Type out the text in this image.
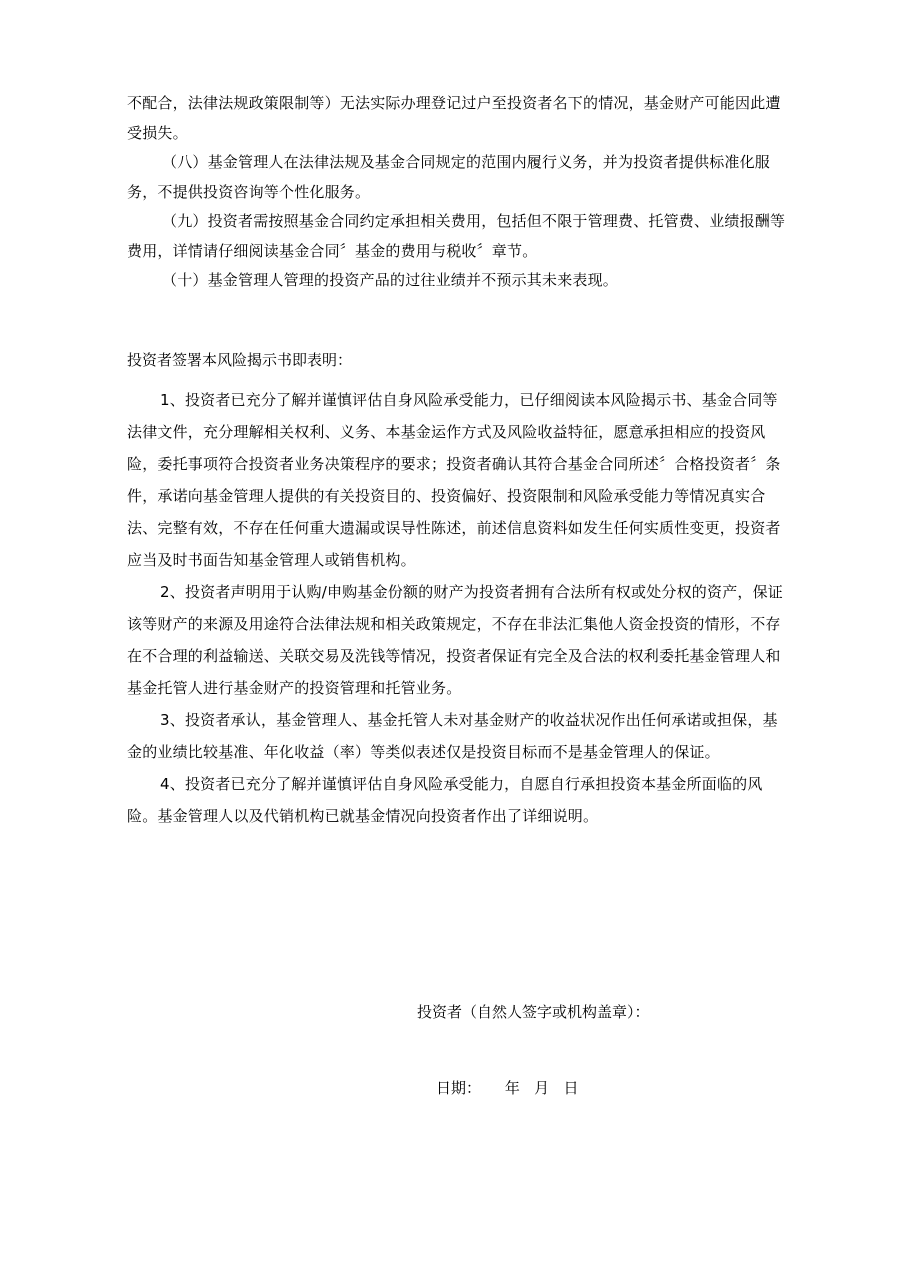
不配合，法律法规政策限制等）无法实际办理登记过户至投资者名下的情况，基金财产可能因此遭受损失。

（八）基金管理人在法律法规及基金合同规定的范围内履行义务，并为投资者提供标准化服务，不提供投资咨询等个性化服务。

（九）投资者需按照基金合同约定承担相关费用，包括但不限于管理费、托管费、业绩报酬等费用，详情请仔细阅读基金合同〞基金的费用与税收〞章节。

（十）基金管理人管理的投资产品的过往业绩并不预示其未来表现。

投资者签署本风险揭示书即表明：

1、投资者已充分了解并谨慎评估自身风险承受能力，已仔细阅读本风险揭示书、基金合同等法律文件，充分理解相关权利、义务、本基金运作方式及风险收益特征，愿意承担相应的投资风险，委托事项符合投资者业务决策程序的要求；投资者确认其符合基金合同所述〞合格投资者〞条件，承诺向基金管理人提供的有关投资目的、投资偏好、投资限制和风险承受能力等情况真实合法、完整有效，不存在任何重大遗漏或误导性陈述，前述信息资料如发生任何实质性变更，投资者应当及时书面告知基金管理人或销售机构。

2、投资者声明用于认购/申购基金份额的财产为投资者拥有合法所有权或处分权的资产，保证该等财产的来源及用途符合法律法规和相关政策规定，不存在非法汇集他人资金投资的情形，不存在不合理的利益输送、关联交易及洗钱等情况，投资者保证有完全及合法的权利委托基金管理人和基金托管人进行基金财产的投资管理和托管业务。

3、投资者承认，基金管理人、基金托管人未对基金财产的收益状况作出任何承诺或担保，基金的业绩比较基准、年化收益（率）等类似表述仅是投资目标而不是基金管理人的保证。

4、投资者已充分了解并谨慎评估自身风险承受能力，自愿自行承担投资本基金所面临的风险。基金管理人以及代销机构已就基金情况向投资者作出了详细说明。

投资者（自然人签字或机构盖章）：

日期：     年   月   日
